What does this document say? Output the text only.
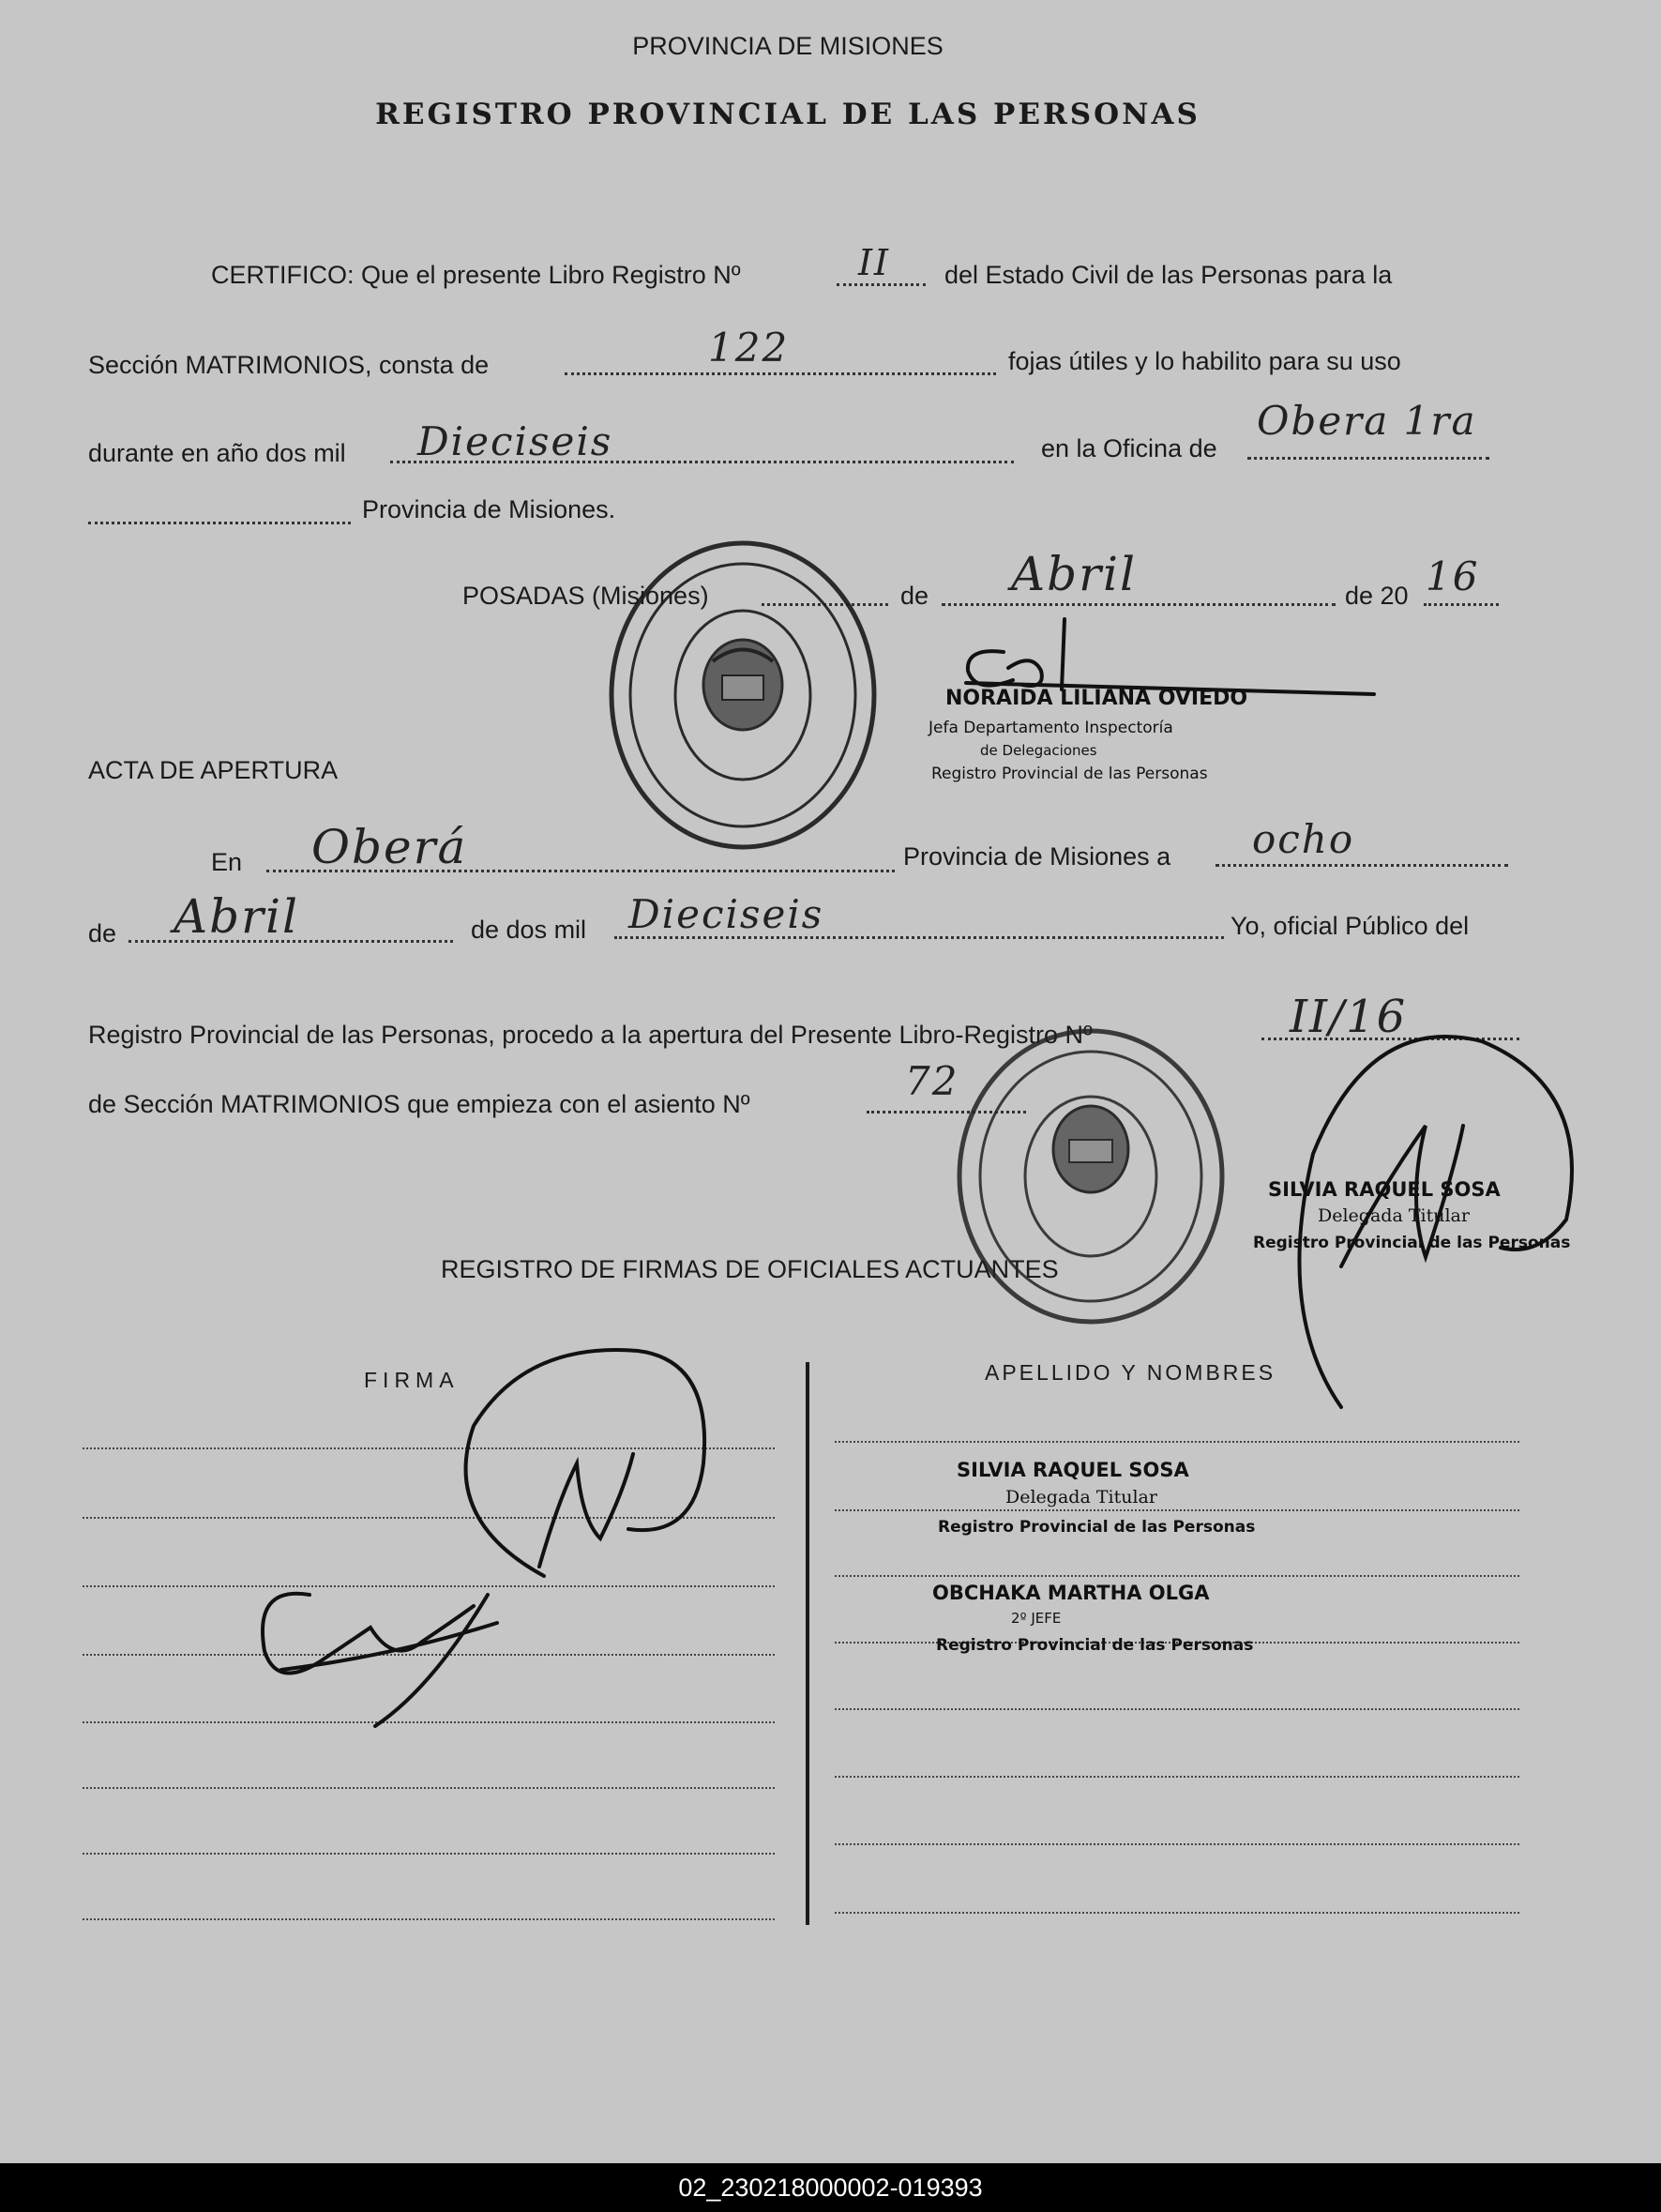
PROVINCIA DE MISIONES
REGISTRO PROVINCIAL DE LAS PERSONAS
CERTIFICO: Que el presente Libro Registro Nº	II del Estado Civil de las Personas para la
Sección MATRIMONIOS, consta de	122	fojas útiles y lo habilito para su uso
durante en año dos mil Dieciseis	en la Oficina de
Obera 1ra
Provincia de Misiones.
POSADAS (Misiones)	de Abril	de 20 16
NORAIDA LILIANA OVIEDO
Jefa Departamento Inspectoría
de Delegaciones
Registro Provincial de las Personas
ACTA DE APERTURA
En Oberá	Provincia de Misiones a ocho
de Abril	de dos mil Dieciseis	Yo, oficial Público del
Registro Provincial de las Personas, procedo a la apertura del Presente Libro-Registro Nº	II/16
de Sección MATRIMONIOS que empieza con el asiento Nº	72
SILVIA RAQUEL SOSA
Delegada Titular
Registro Provincial de las Personas
REGISTRO DE FIRMAS DE OFICIALES ACTUANTES
FIRMA	APELLIDO Y NOMBRES
SILVIA RAQUEL SOSA
Delegada Titular
Registro Provincial de las Personas
OBCHAKA MARTHA OLGA
2º JEFE
Registro Provincial de las Personas
02_230218000002-019393
